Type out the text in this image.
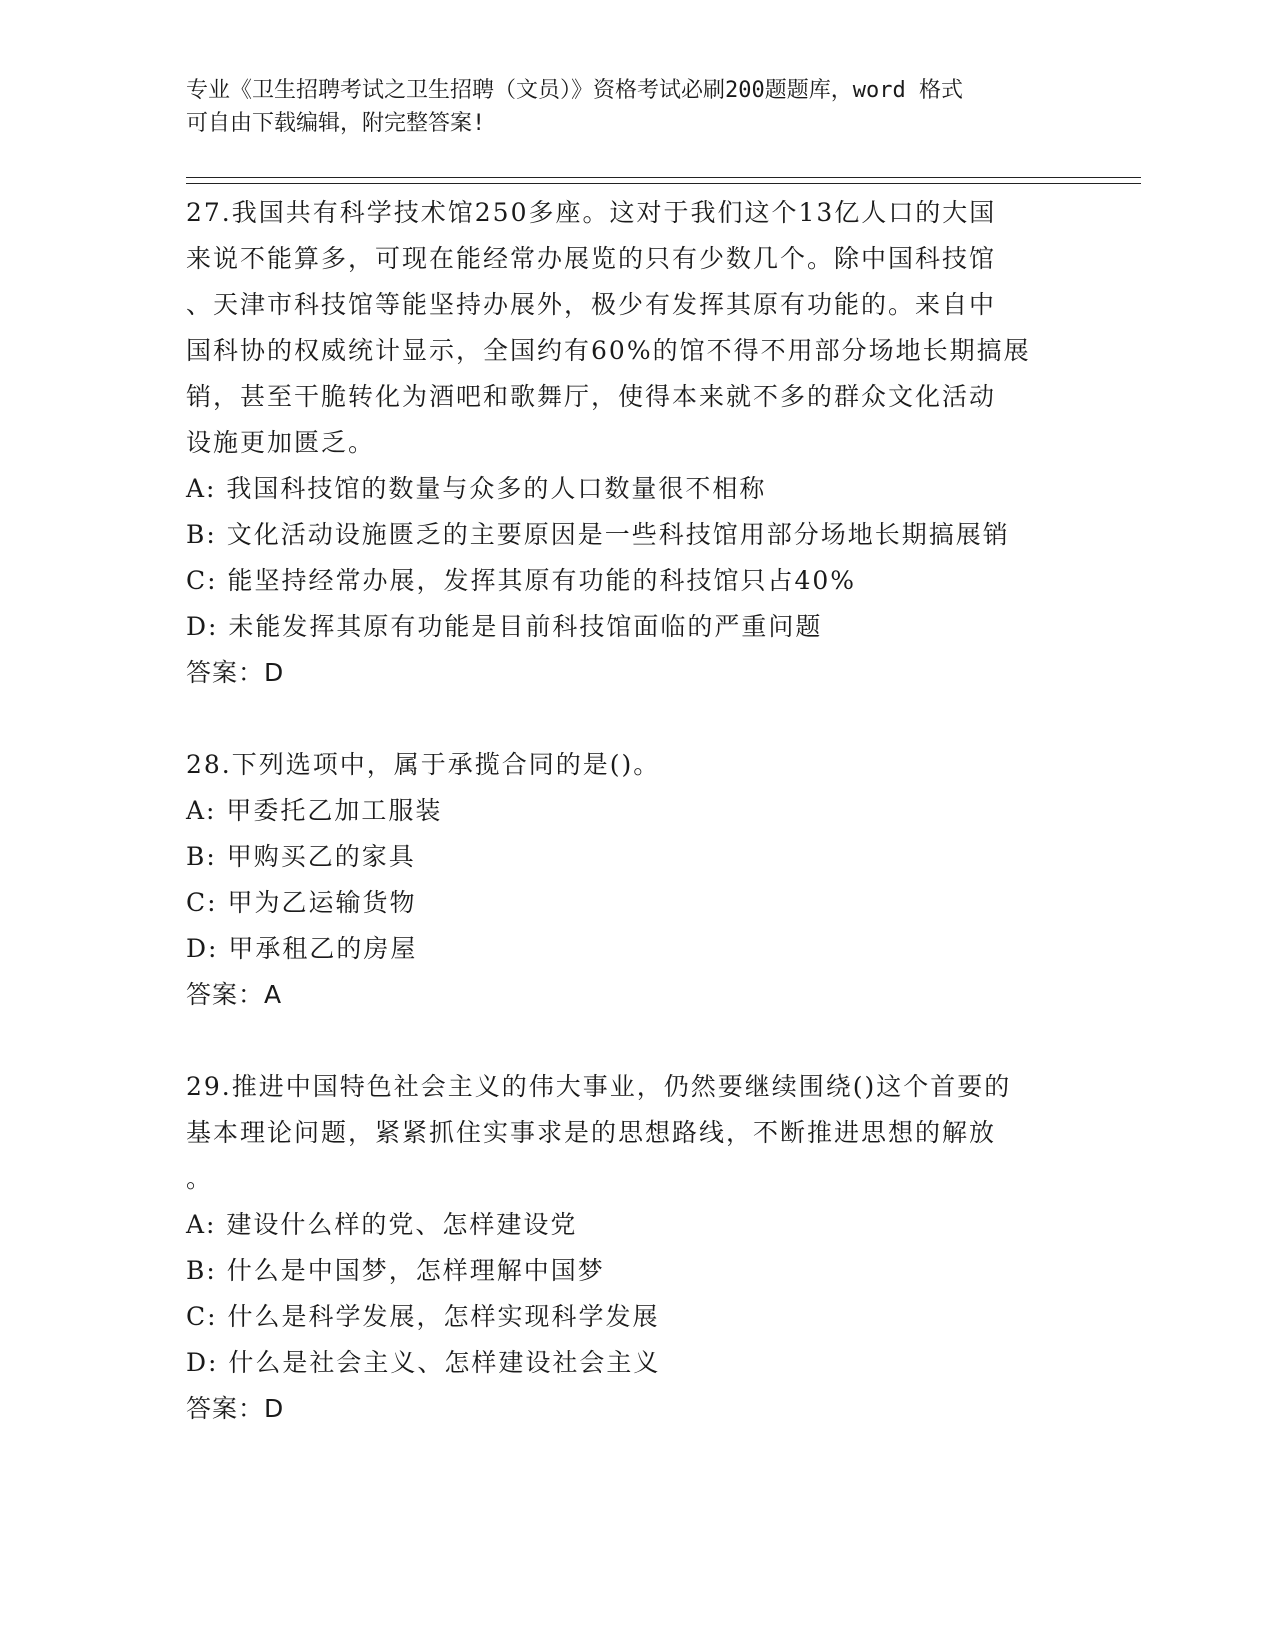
专业《卫生招聘考试之卫生招聘（文员）》资格考试必刷200题题库，word 格式
可自由下载编辑，附完整答案!

27.我国共有科学技术馆250多座。这对于我们这个13亿人口的大国

来说不能算多，可现在能经常办展览的只有少数几个。除中国科技馆

、天津市科技馆等能坚持办展外，极少有发挥其原有功能的。来自中

国科协的权威统计显示，全国约有60%的馆不得不用部分场地长期搞展

销，甚至干脆转化为酒吧和歌舞厅，使得本来就不多的群众文化活动

设施更加匮乏。

A: 我国科技馆的数量与众多的人口数量很不相称

B: 文化活动设施匮乏的主要原因是一些科技馆用部分场地长期搞展销

C: 能坚持经常办展，发挥其原有功能的科技馆只占40%

D: 未能发挥其原有功能是目前科技馆面临的严重问题

答案：D

28.下列选项中，属于承揽合同的是()。

A: 甲委托乙加工服装

B: 甲购买乙的家具

C: 甲为乙运输货物

D: 甲承租乙的房屋

答案：A

29.推进中国特色社会主义的伟大事业，仍然要继续围绕()这个首要的

基本理论问题，紧紧抓住实事求是的思想路线，不断推进思想的解放

。

A: 建设什么样的党、怎样建设党

B: 什么是中国梦，怎样理解中国梦

C: 什么是科学发展，怎样实现科学发展

D: 什么是社会主义、怎样建设社会主义

答案：D
